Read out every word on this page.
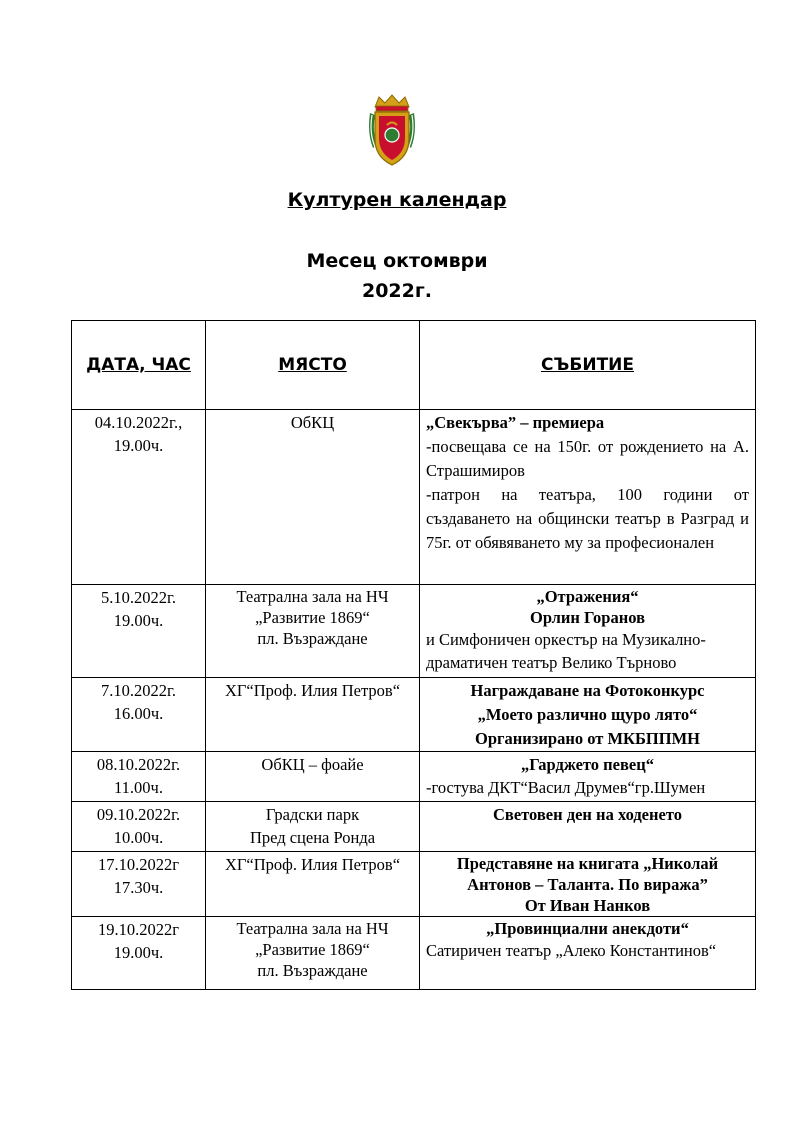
Културен календар
Месец октомври
2022г.
ДАТА, ЧАС	МЯСТО	СЪБИТИЕ

04.10.2022г.,
19.00ч.	ОбКЦ	„Свекърва” – премиера
-посвещава се на 150г. от рождението на А. Страшимиров
-патрон на театъра, 100 години от създаването на общински театър в Разград и 75г. от обявяването му за професионален

5.10.2022г.
19.00ч.	Театрална зала на НЧ
„Развитие 1869“
пл. Възраждане	„Отражения“
Орлин Горанов
и Симфоничен оркестър на Музикално-драматичен театър Велико Търново

7.10.2022г.
16.00ч.	ХГ“Проф. Илия Петров“	Награждаване на Фотоконкурс
„Моето различно щуро лято“
Организирано от МКБППМН

08.10.2022г.
11.00ч.	ОбКЦ – фоайе	„Гарджето певец“
-гостува ДКТ“Васил Друмев“гр.Шумен

09.10.2022г.
10.00ч.	Градски парк
Пред сцена Ронда	Световен ден на ходенето

17.10.2022г
17.30ч.	ХГ“Проф. Илия Петров“	Представяне на книгата „Николай Антонов – Таланта. По виража”
От Иван Нанков

19.10.2022г
19.00ч.	Театрална зала на НЧ
„Развитие 1869“
пл. Възраждане	„Провинциални анекдоти“
Сатиричен театър „Алеко Константинов“
